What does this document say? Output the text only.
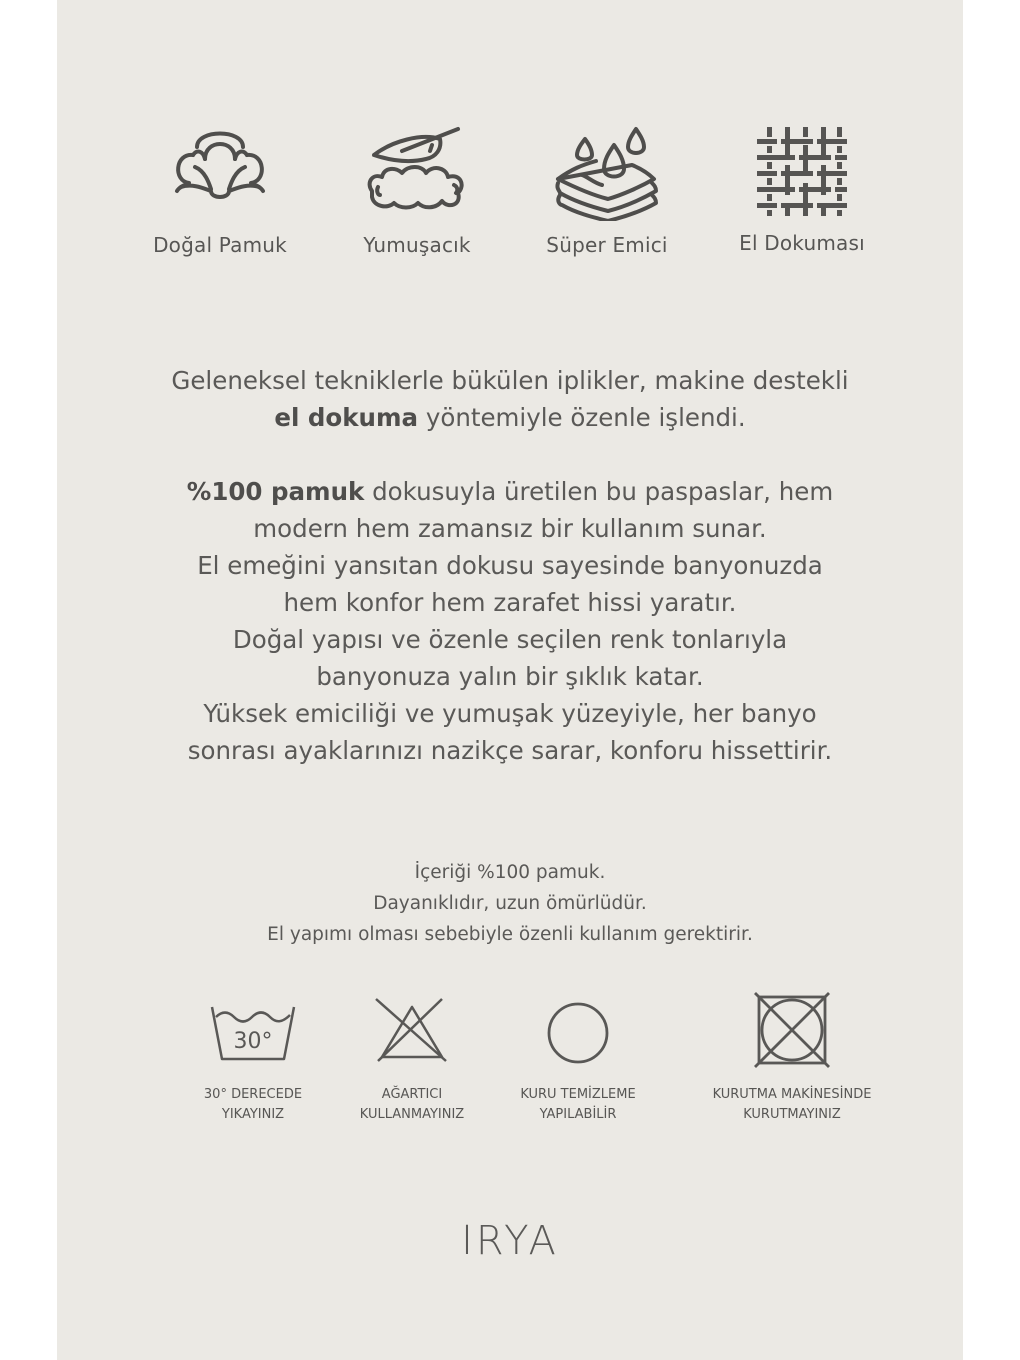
Doğal Pamuk	Yumuşacık	Süper Emici	El Dokuması
Geleneksel tekniklerle bükülen iplikler, makine destekli
el dokuma yöntemiyle özenle işlendi.
%100 pamuk dokusuyla üretilen bu paspaslar, hem
modern hem zamansız bir kullanım sunar.
El emeğini yansıtan dokusu sayesinde banyonuzda
hem konfor hem zarafet hissi yaratır.
Doğal yapısı ve özenle seçilen renk tonlarıyla
banyonuza yalın bir şıklık katar.
Yüksek emiciliği ve yumuşak yüzeyiyle, her banyo
sonrası ayaklarınızı nazikçe sarar, konforu hissettirir.
İçeriği %100 pamuk.
Dayanıklıdır, uzun ömürlüdür.
El yapımı olması sebebiyle özenli kullanım gerektirir.
30°
30° DERECEDE
YIKAYINIZ
AĞARTICI
KULLANMAYINIZ
KURU TEMİZLEME
YAPILABİLİR
KURUTMA MAKİNESİNDE
KURUTMAYINIZ
IRYA
